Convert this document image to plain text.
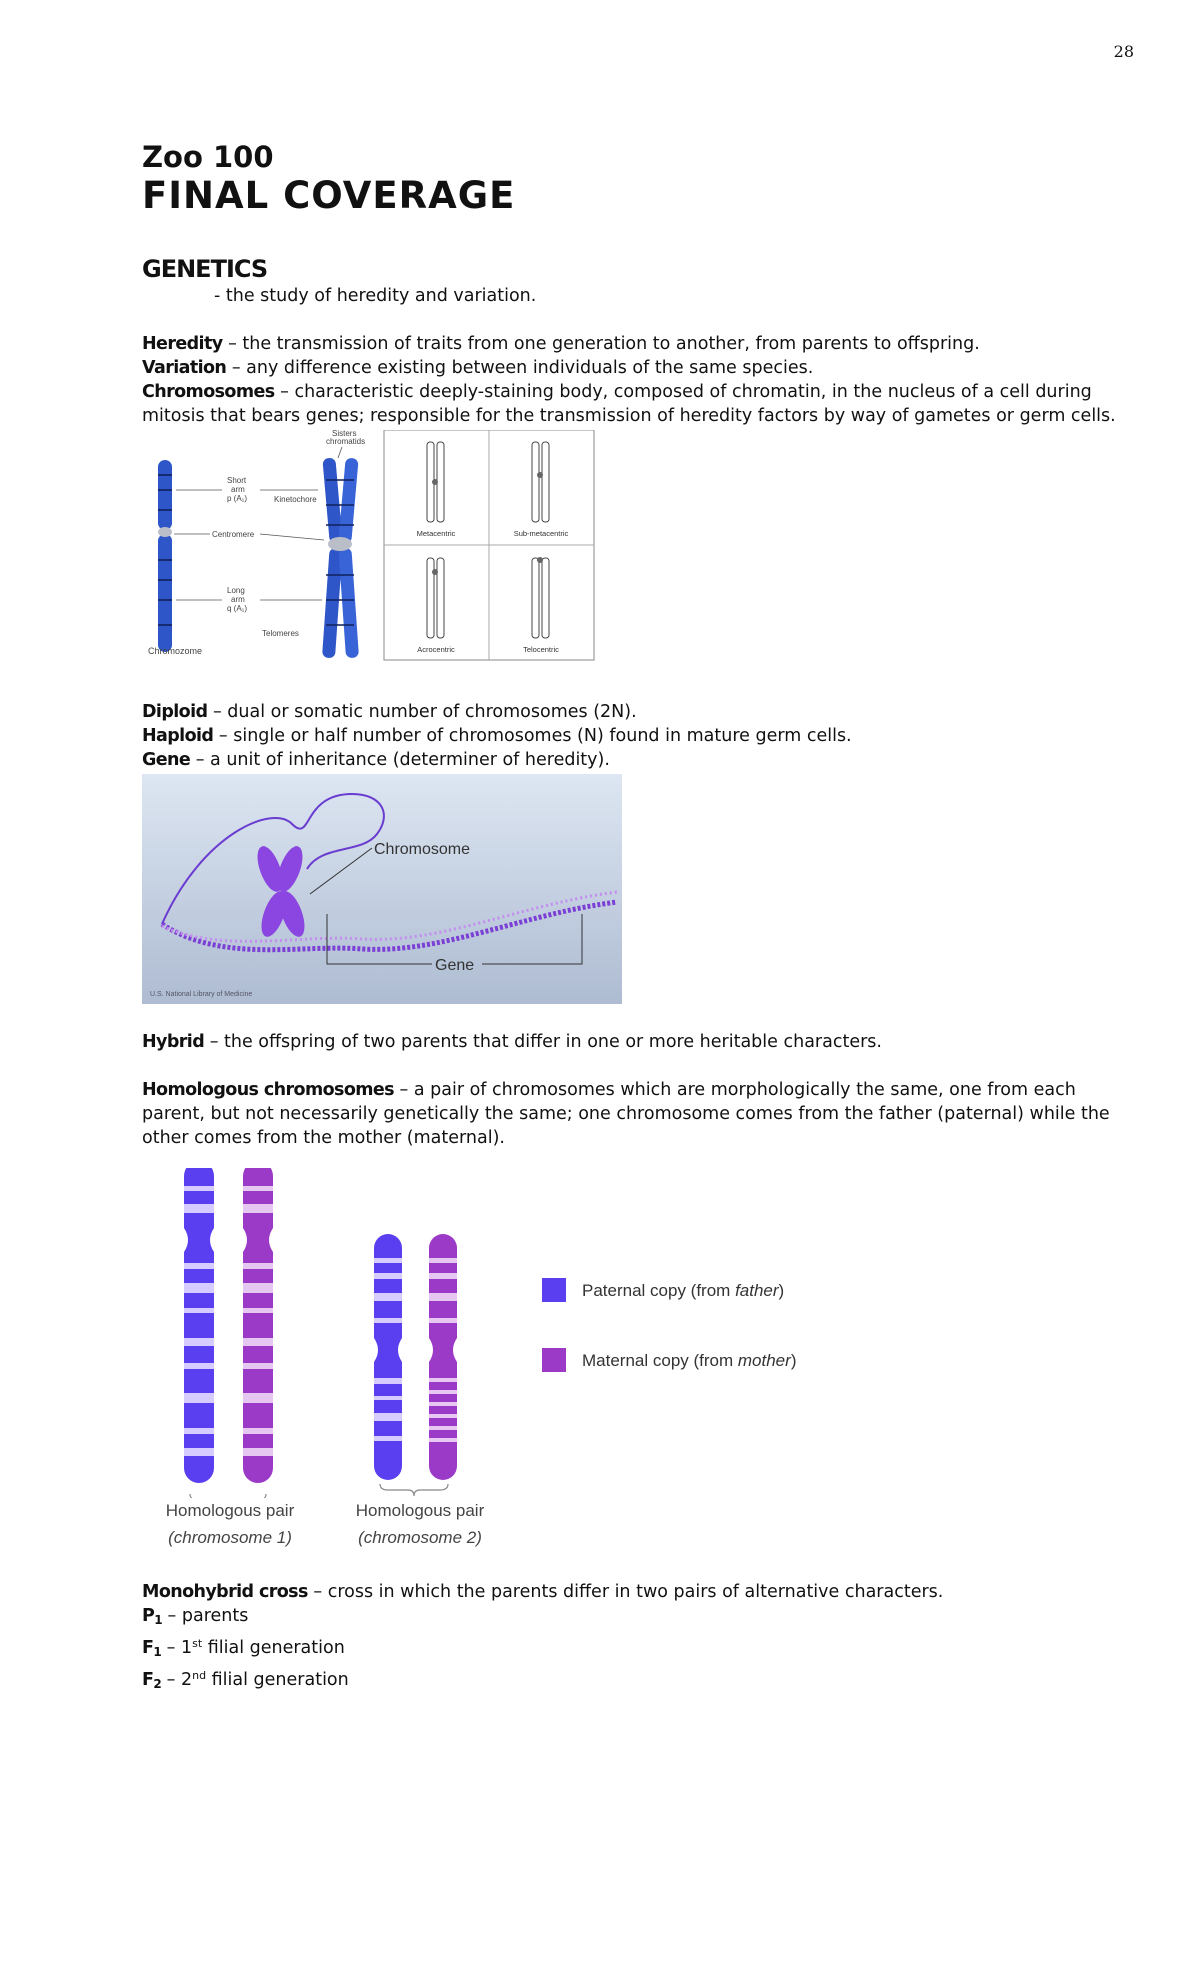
28
Zoo 100
FINAL COVERAGE
GENETICS

- the study of heredity and variation.

Heredity – the transmission of traits from one generation to another, from parents to offspring.

Variation – any difference existing between individuals of the same species.

Chromosomes – characteristic deeply-staining body, composed of chromatin, in the nucleus of a cell during mitosis that bears genes; responsible for the transmission of heredity factors by way of gametes or germ cells.

Sisters
chromatids
Short
arm
p (A₁)	Kinetochore
Centromere
Long
arm
q (A₁)
Telomeres
Chromozome
Metacentric	Sub-metacentric
Acrocentric	Telocentric

Diploid – dual or somatic number of chromosomes (2N).

Haploid – single or half number of chromosomes (N) found in mature germ cells.

Gene – a unit of inheritance (determiner of heredity).

Chromosome
Gene
U.S. National Library of Medicine

Hybrid – the offspring of two parents that differ in one or more heritable characters.

Homologous chromosomes – a pair of chromosomes which are morphologically the same, one from each parent, but not necessarily genetically the same; one chromosome comes from the father (paternal) while the other comes from the mother (maternal).

Paternal copy (from father)
Maternal copy (from mother)
Homologous pair
(chromosome 1)
Homologous pair
(chromosome 2)

Monohybrid cross – cross in which the parents differ in two pairs of alternative characters.

$P_1$ – parents

$F_1 - 1st$ filial generation

$F_2 - 2nd$ filial generation
